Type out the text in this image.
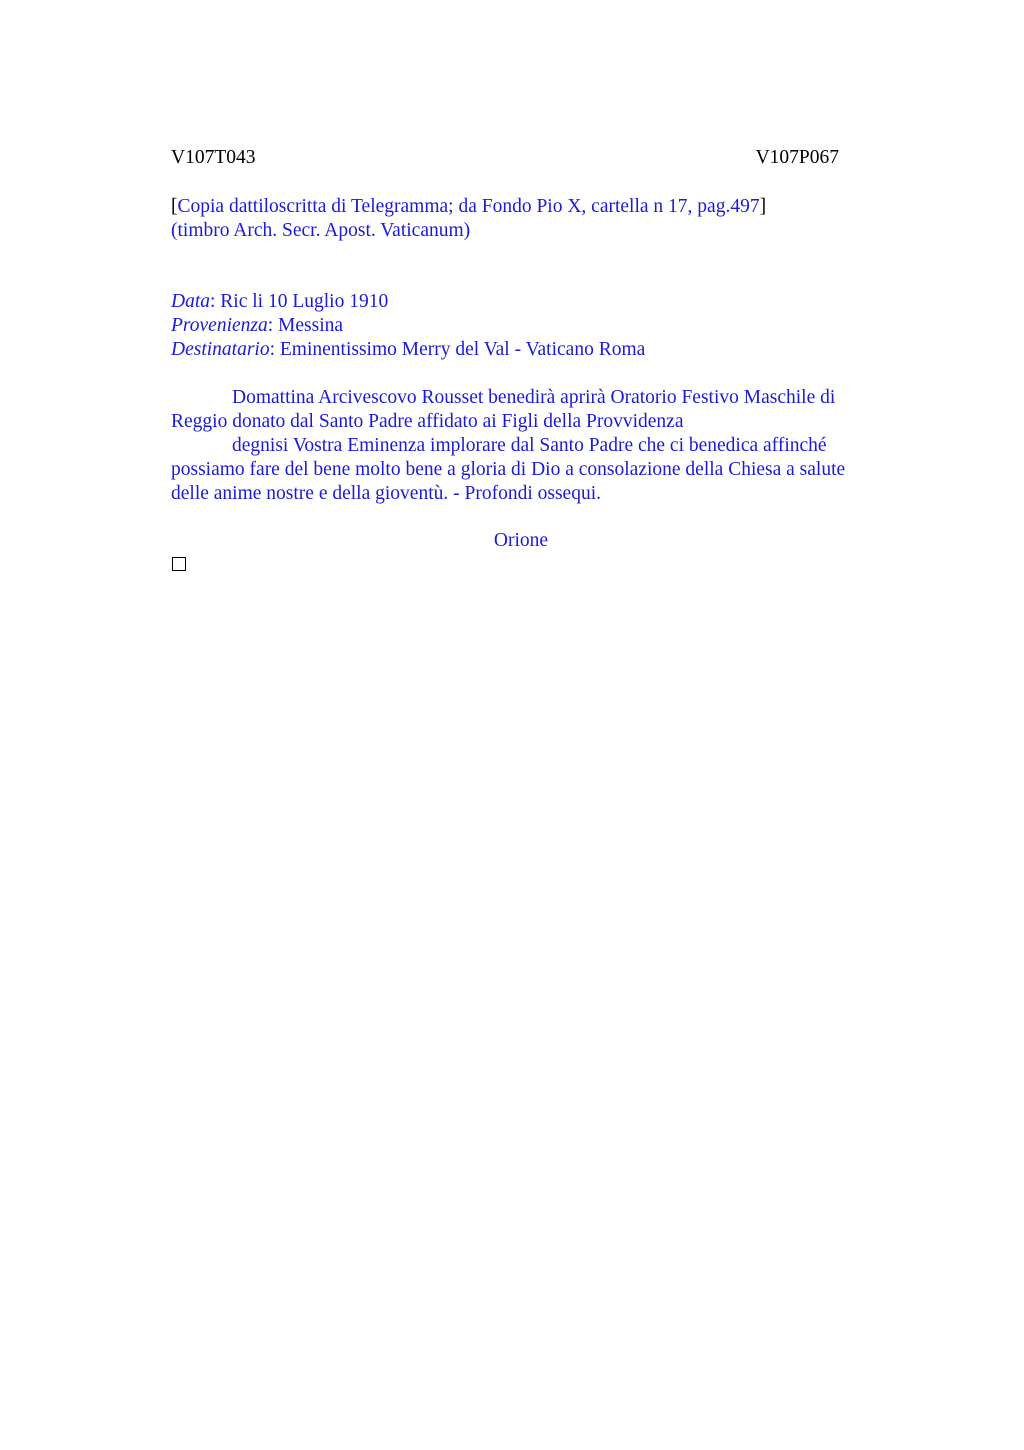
V107T043	V107P067
[Copia dattiloscritta di Telegramma; da Fondo Pio X, cartella n 17, pag.497]
(timbro Arch. Secr. Apost. Vaticanum)
Data: Ric li 10 Luglio 1910
Provenienza: Messina
Destinatario: Eminentissimo Merry del Val - Vaticano Roma

Domattina Arcivescovo Rousset benedirà aprirà Oratorio Festivo Maschile di Reggio donato dal Santo Padre affidato ai Figli della Provvidenza

degnisi Vostra Eminenza implorare dal Santo Padre che ci benedica affinché possiamo fare del bene molto bene a gloria di Dio a consolazione della Chiesa a salute delle anime nostre e della gioventù. - Profondi ossequi.

Orione
